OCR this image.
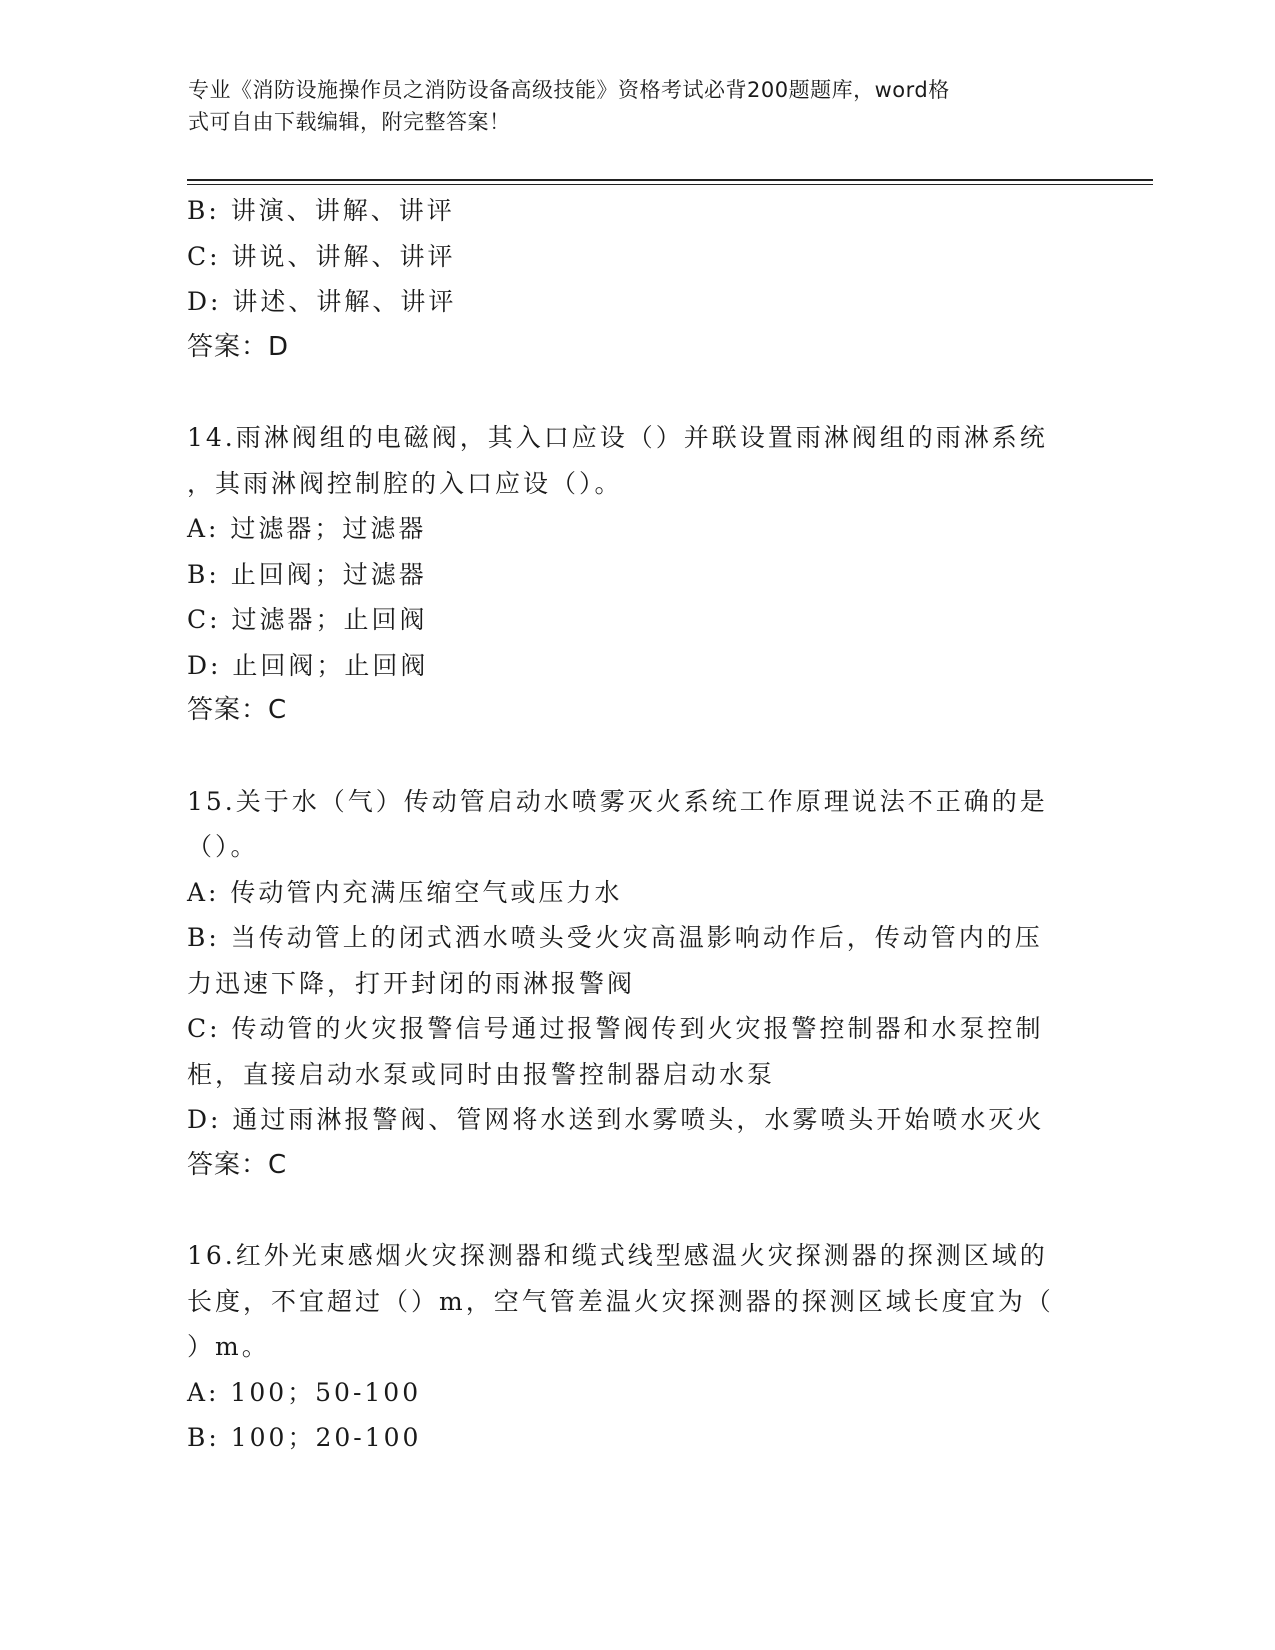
专业《消防设施操作员之消防设备高级技能》资格考试必背200题题库，word格
式可自由下载编辑，附完整答案！
B: 讲演、讲解、讲评
C: 讲说、讲解、讲评
D: 讲述、讲解、讲评
答案：D
14.雨淋阀组的电磁阀，其入口应设（）并联设置雨淋阀组的雨淋系统
，其雨淋阀控制腔的入口应设（）。
A: 过滤器；过滤器
B: 止回阀；过滤器
C: 过滤器；止回阀
D: 止回阀；止回阀
答案：C
15.关于水（气）传动管启动水喷雾灭火系统工作原理说法不正确的是
（）。
A: 传动管内充满压缩空气或压力水
B: 当传动管上的闭式洒水喷头受火灾高温影响动作后，传动管内的压
力迅速下降，打开封闭的雨淋报警阀
C: 传动管的火灾报警信号通过报警阀传到火灾报警控制器和水泵控制
柜，直接启动水泵或同时由报警控制器启动水泵
D: 通过雨淋报警阀、管网将水送到水雾喷头，水雾喷头开始喷水灭火
答案：C
16.红外光束感烟火灾探测器和缆式线型感温火灾探测器的探测区域的
长度，不宜超过（）m，空气管差温火灾探测器的探测区域长度宜为（
）m。
A: 100；50-100
B: 100；20-100
